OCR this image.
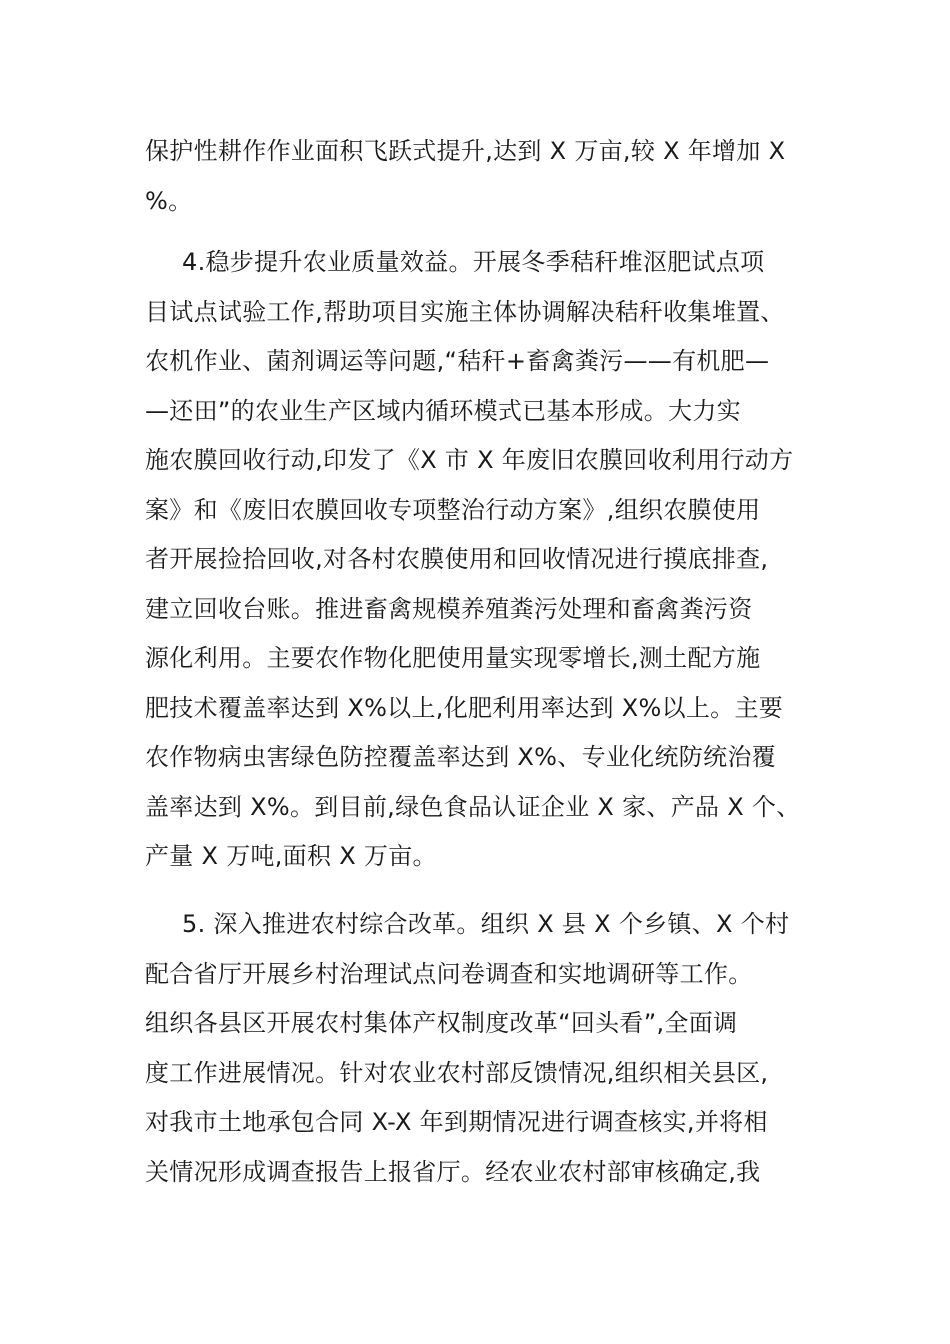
保护性耕作作业面积飞跃式提升,达到 X 万亩,较 X 年增加 X
%。
4.稳步提升农业质量效益。开展冬季秸秆堆沤肥试点项
目试点试验工作,帮助项目实施主体协调解决秸秆收集堆置、
农机作业、菌剂调运等问题,“秸秆+畜禽粪污——有机肥—
—还田”的农业生产区域内循环模式已基本形成。大力实
施农膜回收行动,印发了《X 市 X 年废旧农膜回收利用行动方
案》和《废旧农膜回收专项整治行动方案》,组织农膜使用
者开展捡拾回收,对各村农膜使用和回收情况进行摸底排查,
建立回收台账。推进畜禽规模养殖粪污处理和畜禽粪污资
源化利用。主要农作物化肥使用量实现零增长,测土配方施
肥技术覆盖率达到 X%以上,化肥利用率达到 X%以上。主要
农作物病虫害绿色防控覆盖率达到 X%、专业化统防统治覆
盖率达到 X%。到目前,绿色食品认证企业 X 家、产品 X 个、
产量 X 万吨,面积 X 万亩。
5. 深入推进农村综合改革。组织 X 县 X 个乡镇、X 个村
配合省厅开展乡村治理试点问卷调查和实地调研等工作。
组织各县区开展农村集体产权制度改革“回头看”,全面调
度工作进展情况。针对农业农村部反馈情况,组织相关县区,
对我市土地承包合同 X-X 年到期情况进行调查核实,并将相
关情况形成调查报告上报省厅。经农业农村部审核确定,我
